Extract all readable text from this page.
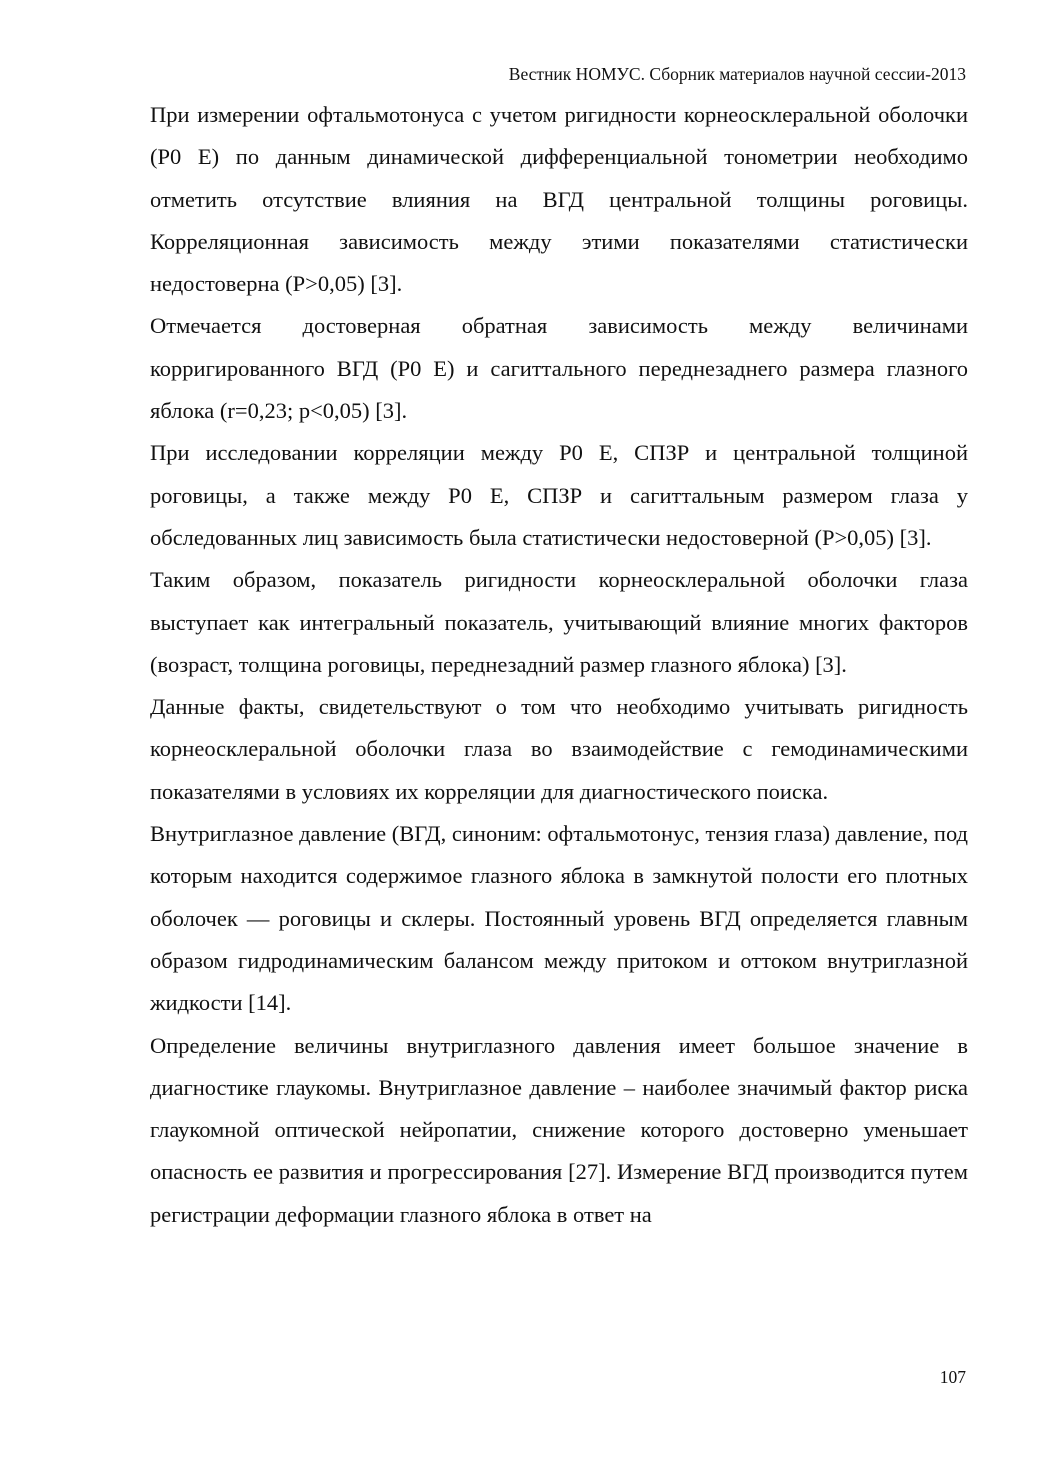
Вестник НОМУС. Сборник материалов научной сессии-2013

При измерении офтальмотонуса с учетом ригидности корнеосклеральной оболочки (P0 E) по данным динамической дифференциальной тонометрии необходимо отметить отсутствие влияния на ВГД центральной толщины роговицы. Корреляционная зависимость между этими показателями статистически недостоверна (P>0,05) [3].

Отмечается достоверная обратная зависимость между величинами корригированного ВГД (P0 E) и сагиттального переднезаднего размера глазного яблока (r=0,23; p<0,05) [3].

При исследовании корреляции между P0 E, СПЗР и центральной толщиной роговицы, а также между P0 E, СПЗР и сагиттальным размером глаза у обследованных лиц зависимость была статистически недостоверной (P>0,05) [3].

Таким образом, показатель ригидности корнеосклеральной оболочки глаза выступает как интегральный показатель, учитывающий влияние многих факторов (возраст, толщина роговицы, переднезадний размер глазного яблока) [3].

Данные факты, свидетельствуют о том что необходимо учитывать ригидность корнеосклеральной оболочки глаза во взаимодействие с гемодинамическими показателями в условиях их корреляции для диагностического поиска.

Внутриглазное давление (ВГД, синоним: офтальмотонус, тензия глаза) давление, под которым находится содержимое глазного яблока в замкнутой полости его плотных оболочек — роговицы и склеры. Постоянный уровень ВГД определяется главным образом гидродинамическим балансом между притоком и оттоком внутриглазной жидкости [14].

Определение величины внутриглазного давления имеет большое значение в диагностике глаукомы. Внутриглазное давление – наиболее значимый фактор риска глаукомной оптической нейропатии, снижение которого достоверно уменьшает опасность ее развития и прогрессирования [27]. Измерение ВГД производится путем регистрации деформации глазного яблока в ответ на

107
